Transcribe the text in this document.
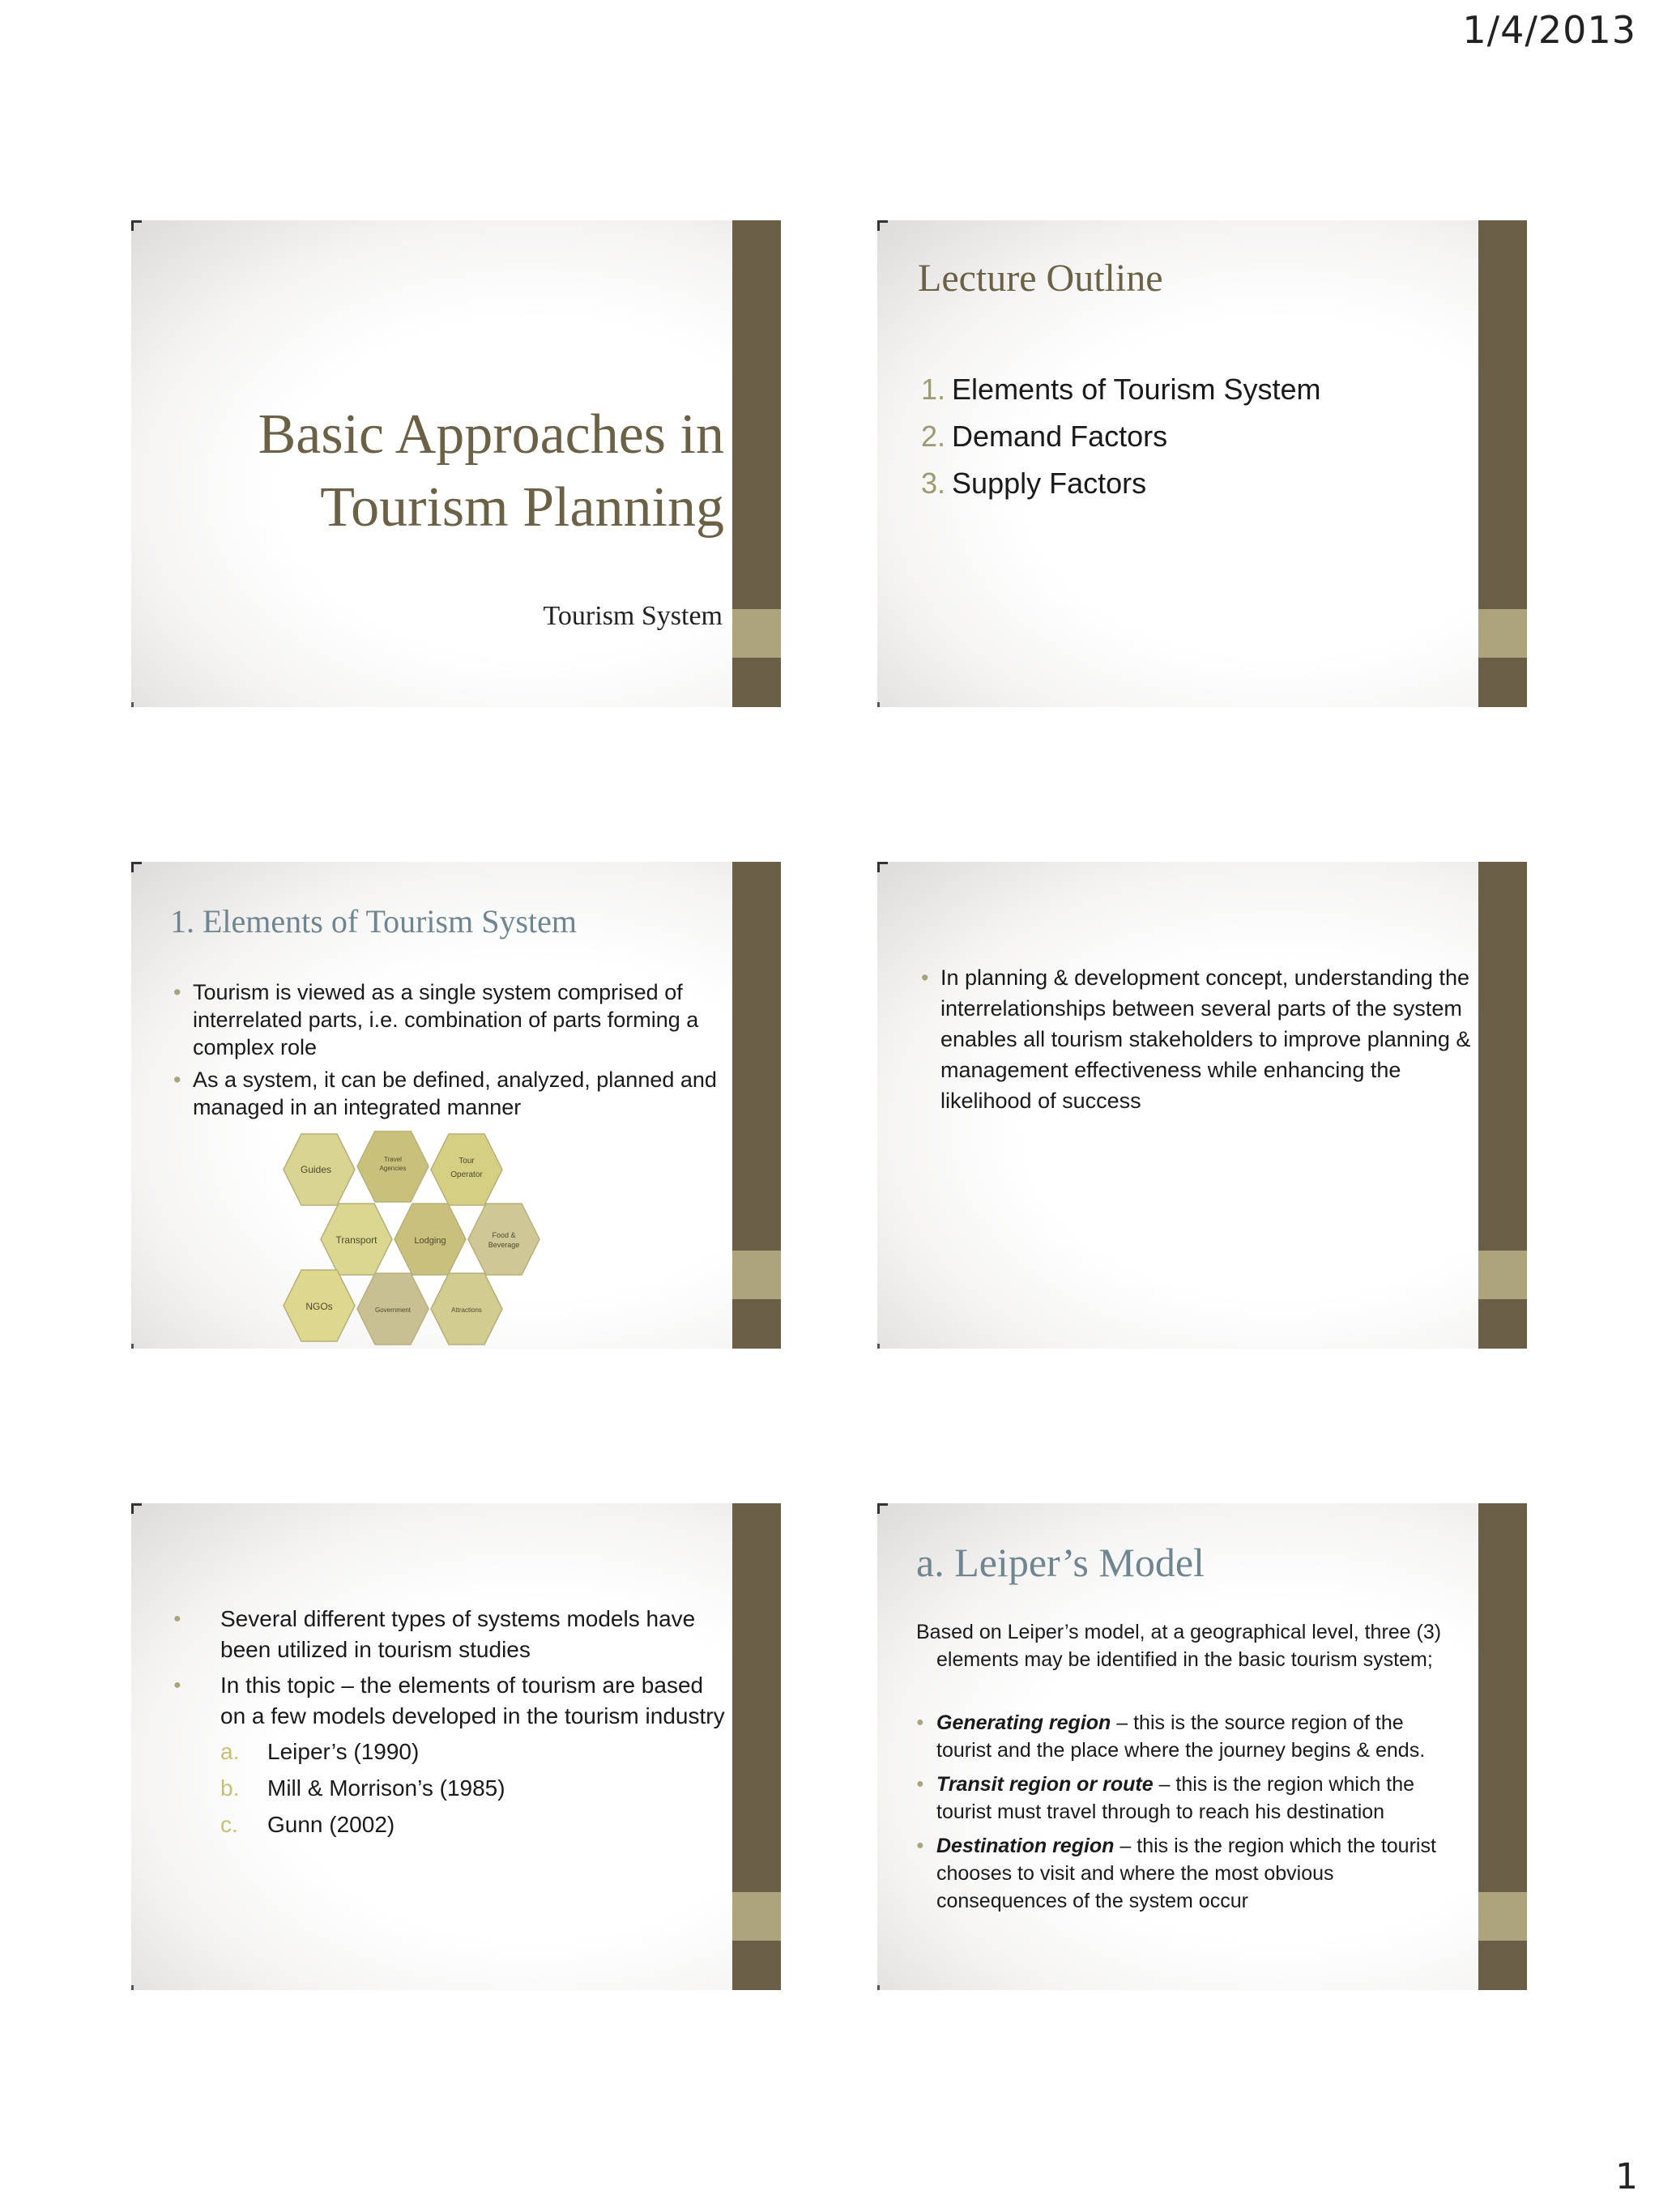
1/4/2013
Basic Approaches in
Tourism Planning
Tourism System
Lecture Outline
1. Elements of Tourism System
2. Demand Factors
3. Supply Factors
1. Elements of Tourism System
• Tourism is viewed as a single system comprised of interrelated parts, i.e. combination of parts forming a complex role
• As a system, it can be defined, analyzed, planned and managed in an integrated manner
Guides
Travel
Agencies
Tour
Operator
Transport	Lodging
Food &
Beverage
NGOs	Government	Attractions
• In planning & development concept, understanding the interrelationships between several parts of the system enables all tourism stakeholders to improve planning & management effectiveness while enhancing the likelihood of success
● Several different types of systems models have been utilized in tourism studies
● In this topic – the elements of tourism are based on a few models developed in the tourism industry
a. Leiper’s (1990)
b. Mill & Morrison’s (1985)
c. Gunn (2002)
a. Leiper’s Model
Based on Leiper’s model, at a geographical level, three (3) elements may be identified in the basic tourism system;
● Generating region – this is the source region of the tourist and the place where the journey begins & ends.
● Transit region or route – this is the region which the tourist must travel through to reach his destination
● Destination region – this is the region which the tourist chooses to visit and where the most obvious consequences of the system occur
1
